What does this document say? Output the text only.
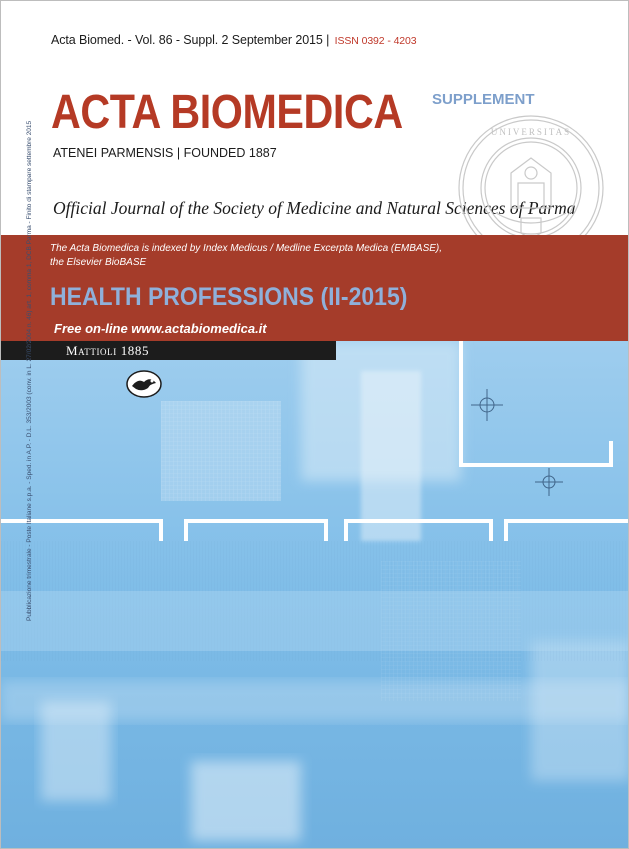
Acta Biomed. - Vol. 86 - Suppl. 2 September 2015 | ISSN 0392 - 4203
ACTA BIOMEDICA SUPPLEMENT
ATENEI PARMENSIS | FOUNDED 1887
Official Journal of the Society of Medicine and Natural Sciences of Parma
UNIVERSITAS
The Acta Biomedica is indexed by Index Medicus / Medline Excerpta Medica (EMBASE),
the Elsevier BioBASE
HEALTH PROFESSIONS (II-2015)
Free on-line www.actabiomedica.it
Mattioli 1885
Pubblicazione trimestrale - Poste Italiane s.p.a. - Sped. in A.P. - D.L. 353/2003 (conv. in L. 27/02/2004 n. 46) art. 1, comma 1, DCB Parma - Finito di stampare settembre 2015
